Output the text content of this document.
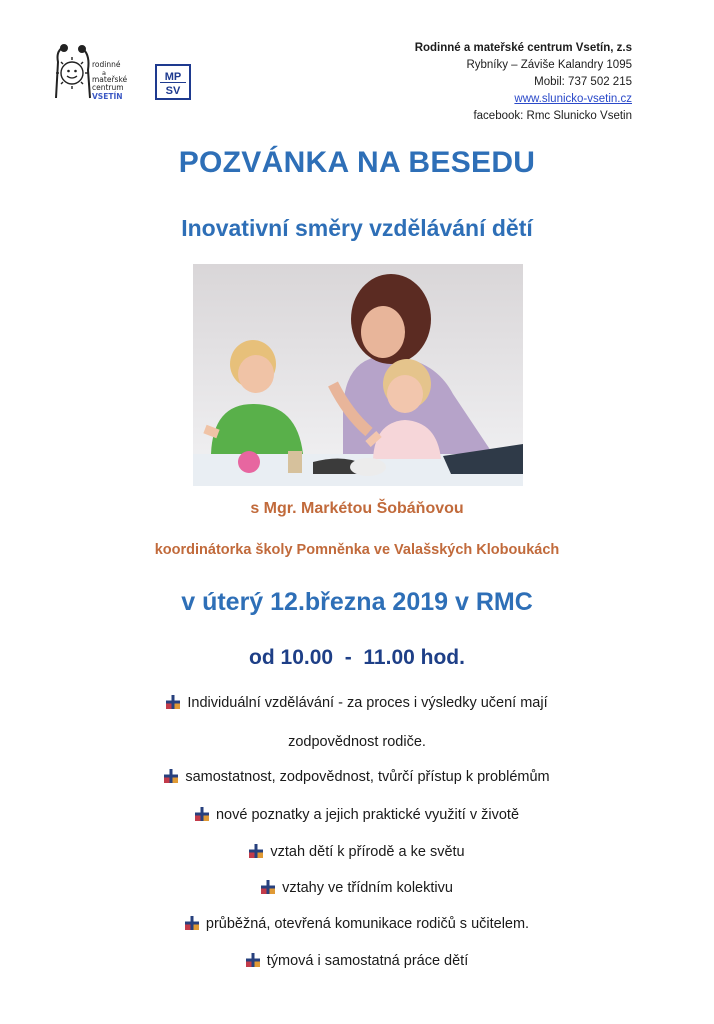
rodinné
a
mateřské
centrum
VSETÍN
MP
SV
Rodinné a mateřské centrum Vsetín, z.s
Rybníky – Záviše Kalandry 1095
Mobil: 737 502 215
www.slunicko-vsetin.cz
facebook: Rmc Slunicko Vsetin
POZVÁNKA NA BESEDU
Inovativní směry vzdělávání dětí
s Mgr. Markétou Šobáňovou
koordinátorka školy Pomněnka ve Valašských Kloboukách
v úterý 12.března 2019 v RMC
od 10.00  -  11.00 hod.
Individuální vzdělávání - za proces i výsledky učení mají
zodpovědnost rodiče.
samostatnost, zodpovědnost, tvůrčí přístup k problémům
nové poznatky a jejich praktické využití v životě
vztah dětí k přírodě a ke světu
vztahy ve třídním kolektivu
průběžná, otevřená komunikace rodičů s učitelem.
týmová i samostatná práce dětí
